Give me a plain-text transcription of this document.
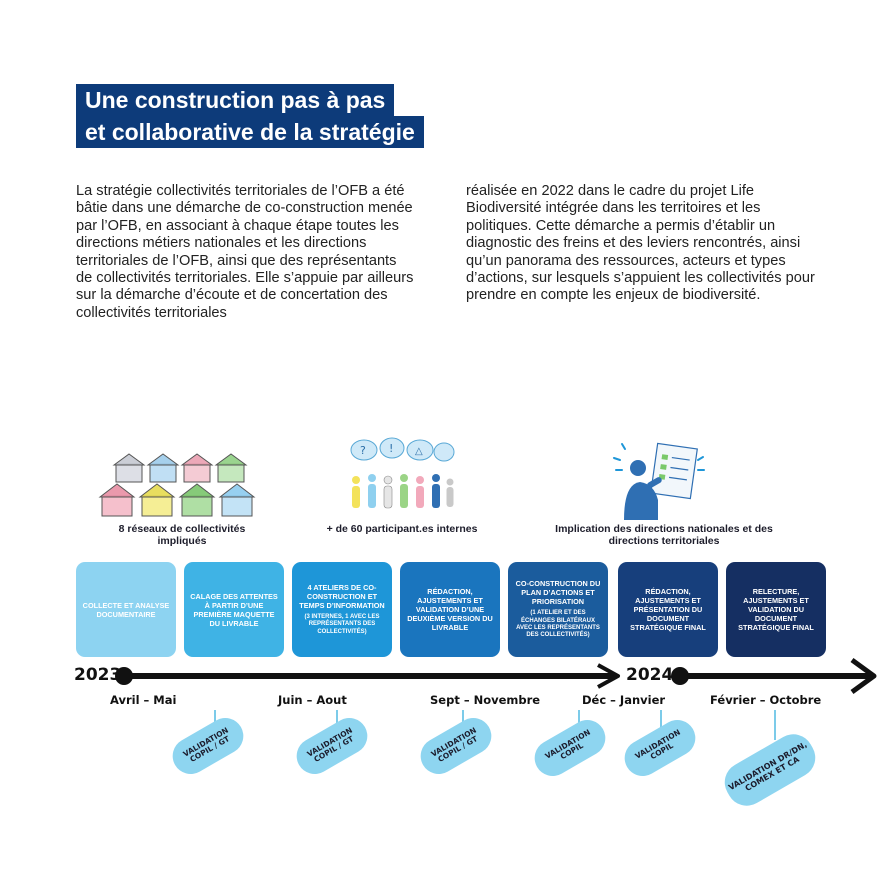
Une construction pas à pas
et collaborative de la stratégie

La stratégie collectivités territoriales de l’OFB a été bâtie dans une démarche de co-construction menée par l’OFB, en associant à chaque étape toutes les directions métiers nationales et les directions territoriales de l’OFB, ainsi que des représentants de collectivités territoriales. Elle s’appuie par ailleurs sur la démarche d’écoute et de concertation des collectivités territoriales

réalisée en 2022 dans le cadre du projet Life Biodiversité intégrée dans les territoires et les politiques. Cette démarche a permis d’établir un diagnostic des freins et des leviers rencontrés, ainsi qu’un panorama des ressources, acteurs et types d’actions, sur lesquels s’appuient les collectivités pour prendre en compte les enjeux de biodiversité.

8 réseaux de collectivités impliqués
? ! △
+ de 60 participant.es internes	Implication des directions nationales et des directions territoriales
COLLECTE ET ANALYSE DOCUMENTAIRE
CALAGE DES ATTENTES À PARTIR D’UNE PREMIÈRE MAQUETTE DU LIVRABLE
4 ATELIERS DE CO-CONSTRUCTION ET TEMPS D’INFORMATION
(3 INTERNES, 1 AVEC LES REPRÉSENTANTS DES COLLECTIVITÉS)
RÉDACTION, AJUSTEMENTS ET VALIDATION D’UNE DEUXIÈME VERSION DU LIVRABLE
CO-CONSTRUCTION DU PLAN D’ACTIONS ET PRIORISATION
(1 ATELIER ET DES ÉCHANGES BILATÉRAUX AVEC LES REPRÉSENTANTS DES COLLECTIVITÉS)
RÉDACTION, AJUSTEMENTS ET PRÉSENTATION DU DOCUMENT STRATÉGIQUE FINAL
RELECTURE, AJUSTEMENTS ET VALIDATION DU DOCUMENT STRATÉGIQUE FINAL
2023	2024
Avril – Mai	Juin – Aout	Sept – Novembre	Déc – Janvier	Février – Octobre
VALIDATION COPIL / GT	VALIDATION COPIL / GT	VALIDATION COPIL / GT	VALIDATION COPIL	VALIDATION COPIL	VALIDATION DR/DN, COMEX ET CA
